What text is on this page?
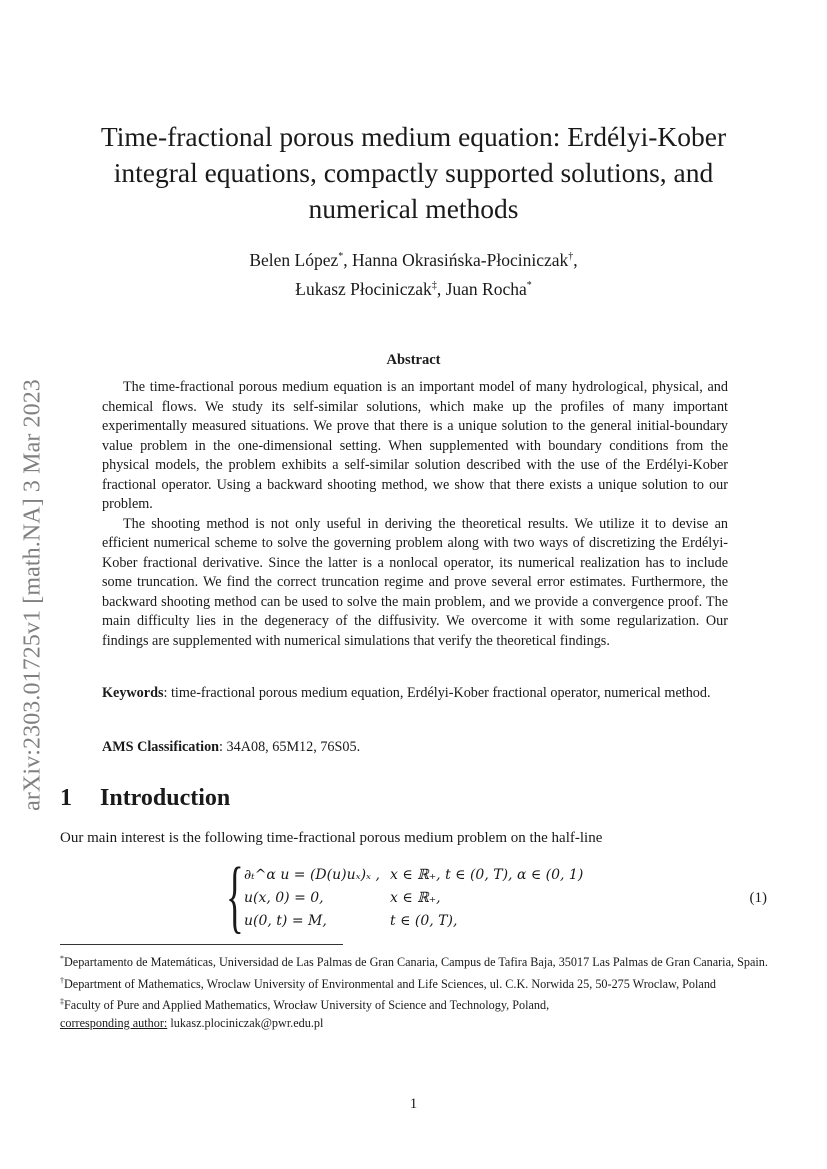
arXiv:2303.01725v1 [math.NA] 3 Mar 2023
Time-fractional porous medium equation: Erdélyi-Kober
integral equations, compactly supported solutions, and
numerical methods
Belen López*, Hanna Okrasińska-Płociniczak†,
Łukasz Płociniczak‡, Juan Rocha*
Abstract

The time-fractional porous medium equation is an important model of many hydrological, physical, and chemical flows. We study its self-similar solutions, which make up the profiles of many important experimentally measured situations. We prove that there is a unique solution to the general initial-boundary value problem in the one-dimensional setting. When supplemented with boundary conditions from the physical models, the problem exhibits a self-similar solution described with the use of the Erdélyi-Kober fractional operator. Using a backward shooting method, we show that there exists a unique solution to our problem.

The shooting method is not only useful in deriving the theoretical results. We utilize it to devise an efficient numerical scheme to solve the governing problem along with two ways of discretizing the Erdélyi-Kober fractional derivative. Since the latter is a nonlocal operator, its numerical realization has to include some truncation. We find the correct truncation regime and prove several error estimates. Furthermore, the backward shooting method can be used to solve the main problem, and we provide a convergence proof. The main difficulty lies in the degeneracy of the diffusivity. We overcome it with some regularization. Our findings are supplemented with numerical simulations that verify the theoretical findings.

Keywords: time-fractional porous medium equation, Erdélyi-Kober fractional operator, numerical method.
AMS Classification: 34A08, 65M12, 76S05.
1 Introduction
Our main interest is the following time-fractional porous medium problem on the half-line
{ ∂ₜ^α u = (D(u)uₓ)ₓ , x ∈ ℝ₊, t ∈ (0, T), α ∈ (0, 1)
u(x, 0) = 0,	x ∈ ℝ₊,
u(0, t) = M,	t ∈ (0, T),
(1)

*Departamento de Matemáticas, Universidad de Las Palmas de Gran Canaria, Campus de Tafira Baja, 35017 Las Palmas de Gran Canaria, Spain.

†Department of Mathematics, Wroclaw University of Environmental and Life Sciences, ul. C.K. Norwida 25, 50-275 Wroclaw, Poland

‡Faculty of Pure and Applied Mathematics, Wrocław University of Science and Technology, Poland,
corresponding author: lukasz.plociniczak@pwr.edu.pl

1
